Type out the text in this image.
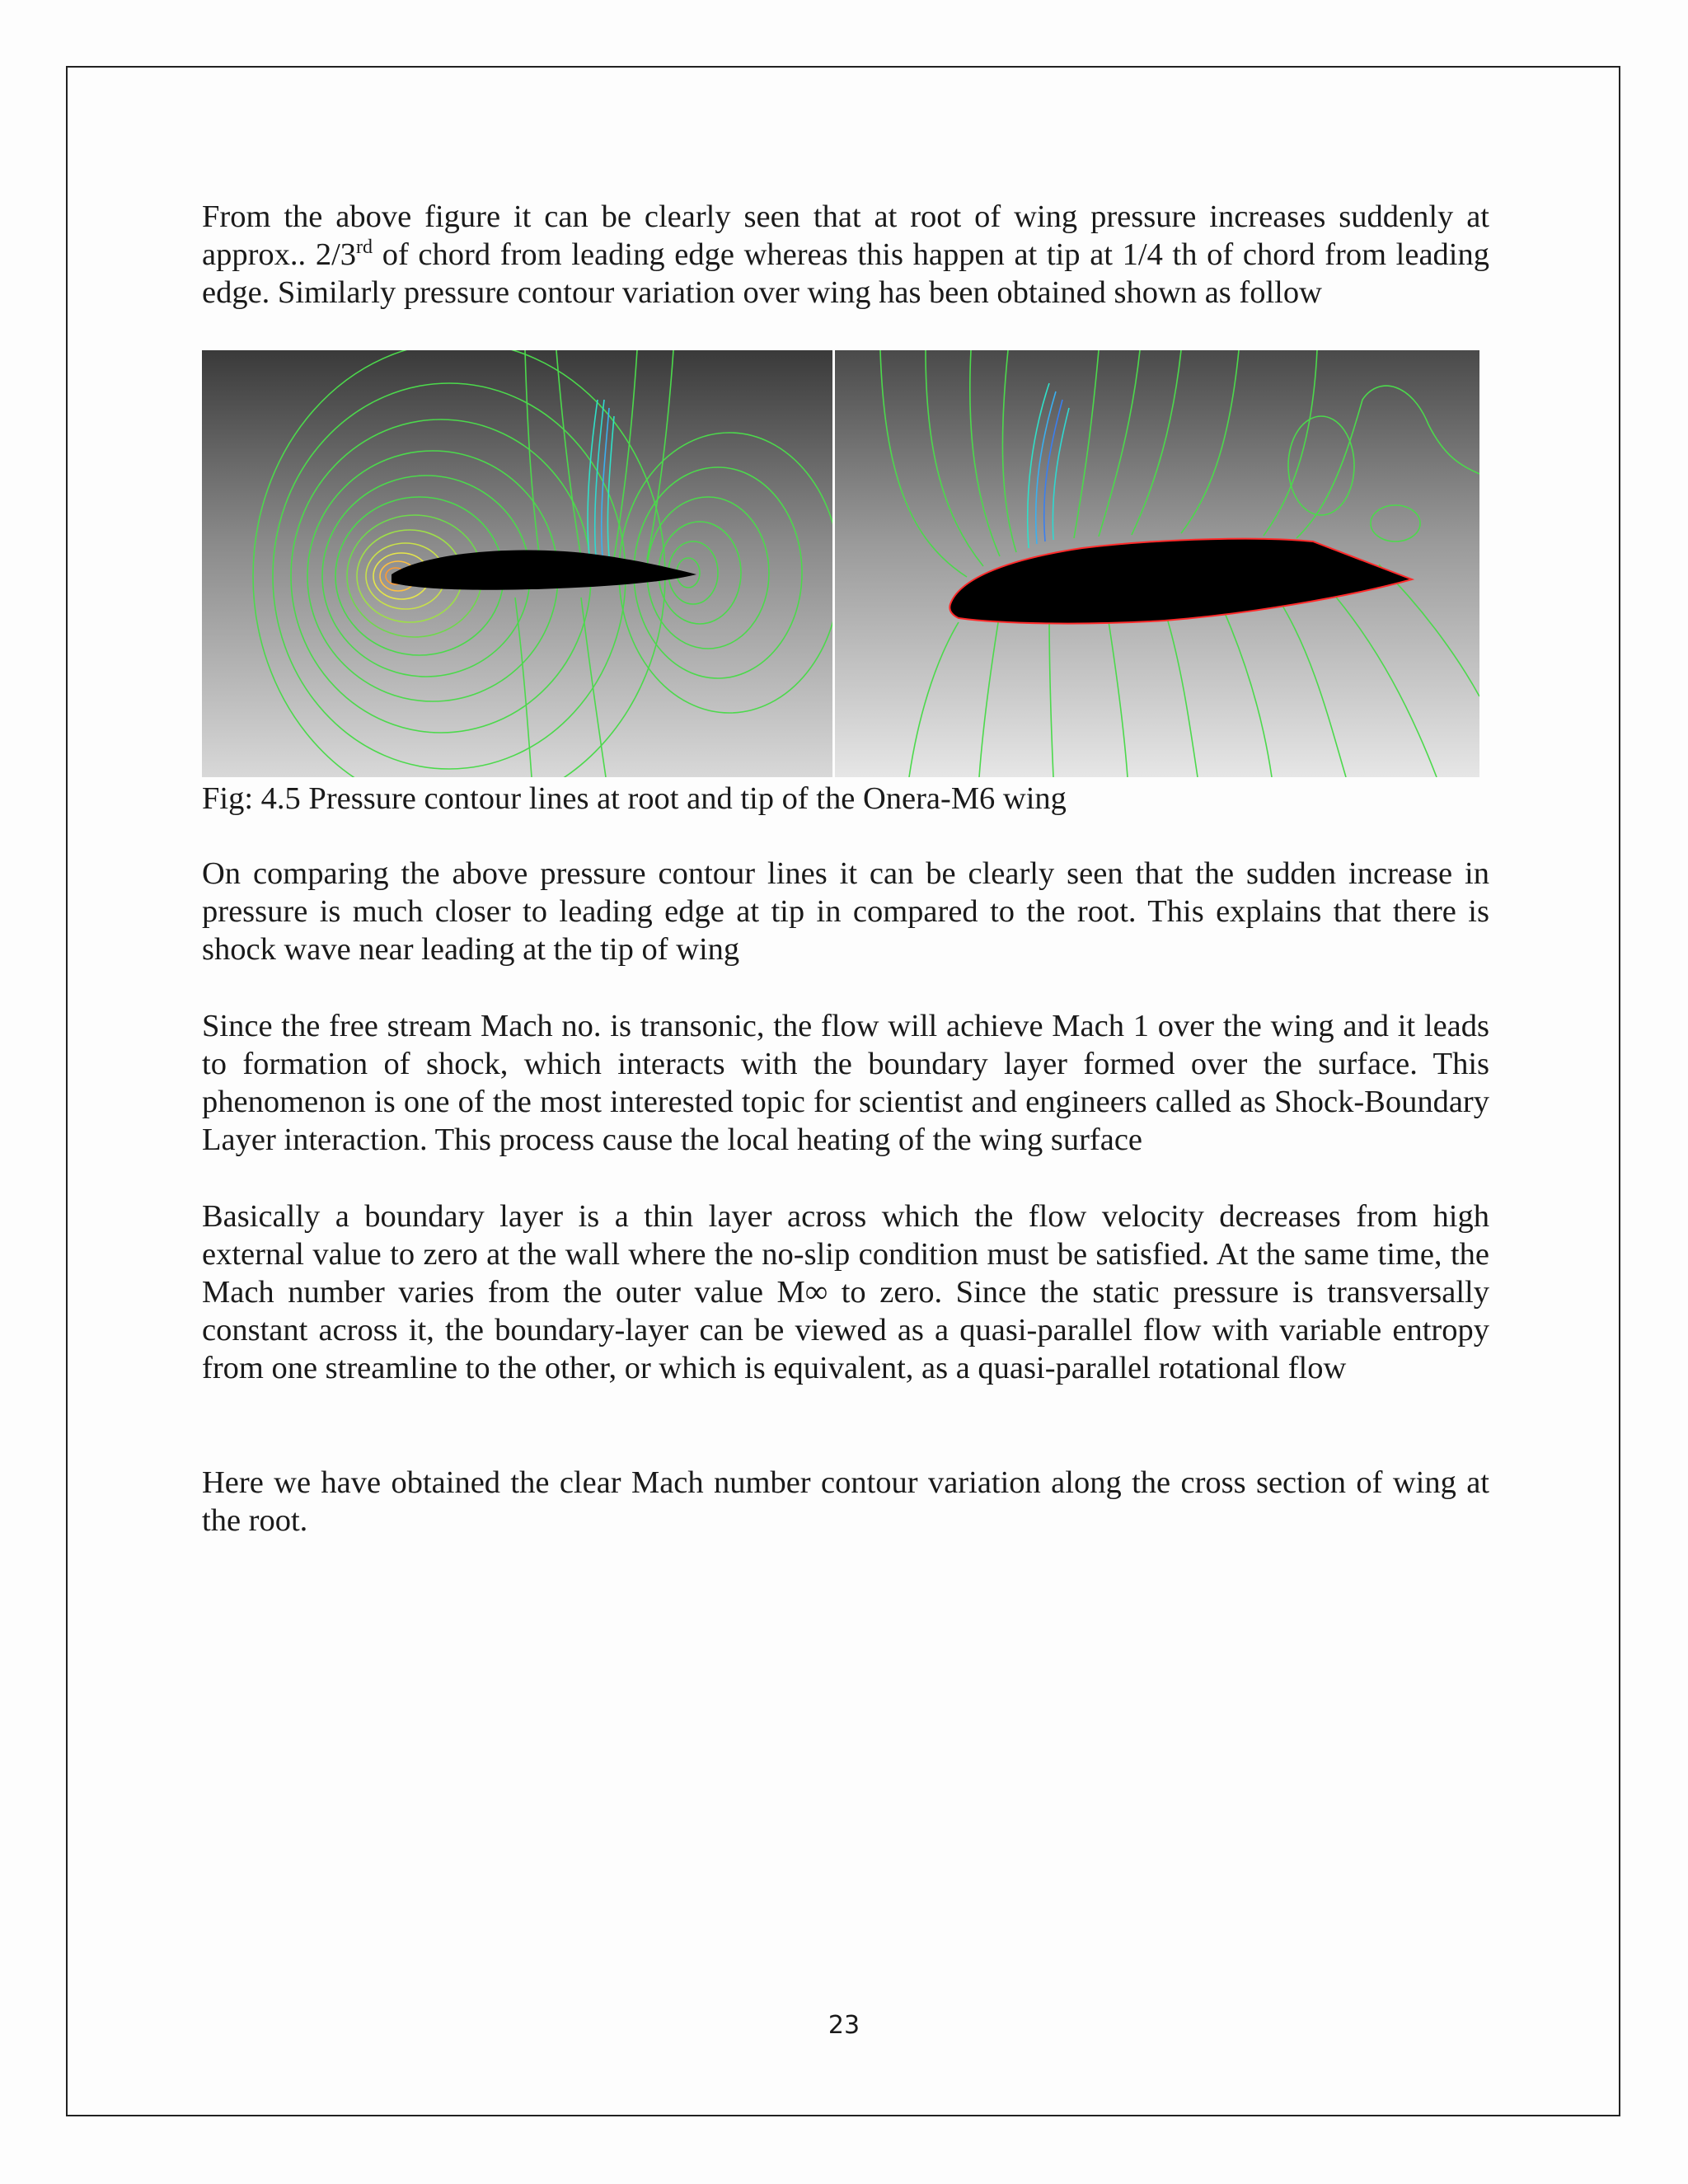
From the above figure it can be clearly seen that at root of wing pressure increases suddenly at approx.. 2/3rd of chord from leading edge whereas this happen at tip at 1/4 th of chord from leading edge. Similarly pressure contour variation over wing has been obtained shown as follow

Fig: 4.5 Pressure contour lines at root and tip of the Onera-M6 wing

On comparing the above pressure contour lines it can be clearly seen that the sudden increase in pressure is much closer to leading edge at tip in compared to the root. This explains that there is shock wave near leading at the tip of wing

Since the free stream Mach no. is transonic, the flow will achieve Mach 1 over the wing and it leads to formation of shock, which interacts with the boundary layer formed over the surface. This phenomenon is one of the most interested topic for scientist and engineers called as Shock-Boundary Layer interaction. This process cause the local heating of the wing surface

Basically a boundary layer is a thin layer across which the flow velocity decreases from high external value to zero at the wall where the no-slip condition must be satisfied. At the same time, the Mach number varies from the outer value M∞ to zero. Since the static pressure is transversally constant across it, the boundary-layer can be viewed as a quasi-parallel flow with variable entropy from one streamline to the other, or which is equivalent, as a quasi-parallel rotational flow

Here we have obtained the clear Mach number contour variation along the cross section of wing at the root.

23
